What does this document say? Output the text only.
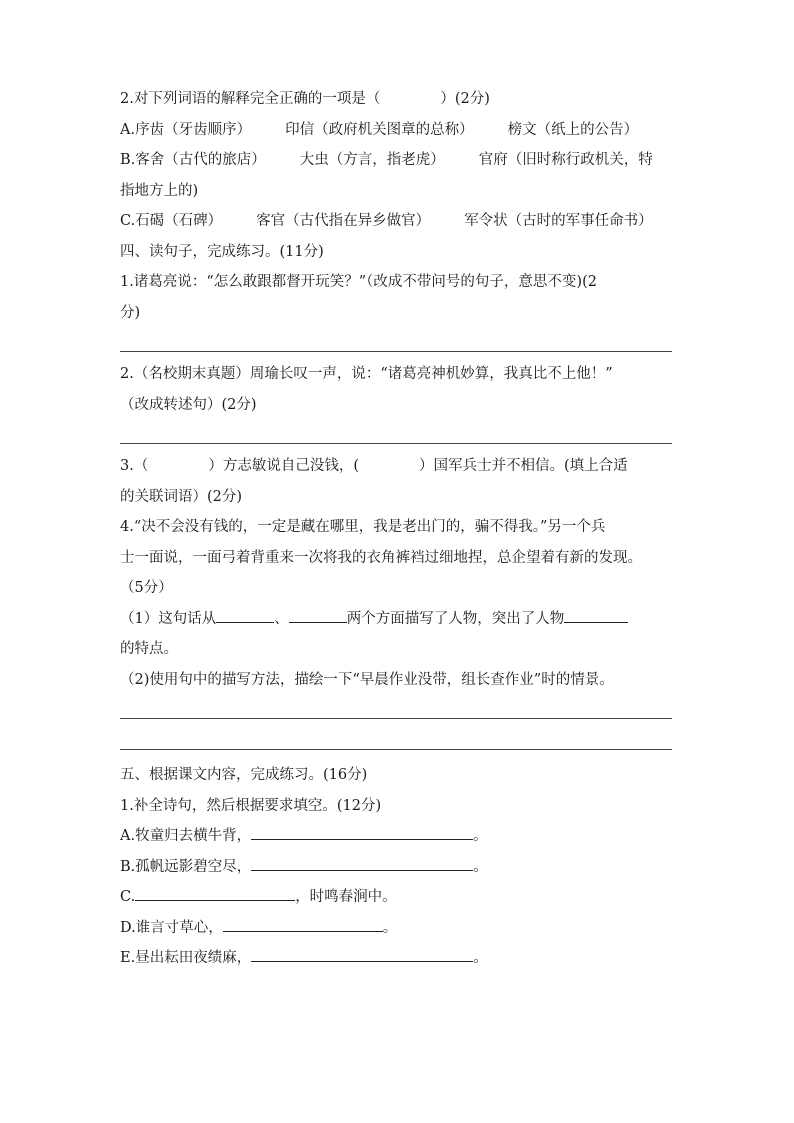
2.对下列词语的解释完全正确的一项是（	）(2分)
A.序齿（牙齿顺序） 印信（政府机关图章的总称） 榜文（纸上的公告）
B.客舍（古代的旅店） 大虫（方言，指老虎） 官府（旧时称行政机关，特
指地方上的)
C.石碣（石碑） 客官（古代指在异乡做官） 军令状（古时的军事任命书）
四、读句子，完成练习。(11分)
1.诸葛亮说：“怎么敢跟都督开玩笑？”（改成不带问号的句子，意思不变)(2
分)
2.（名校期末真题）周瑜长叹一声，说：“诸葛亮神机妙算，我真比不上他！”
（改成转述句）(2分)
3.（	）方志敏说自己没钱，(	）国军兵士并不相信。(填上合适
的关联词语）(2分)
4.“决不会没有钱的，一定是藏在哪里，我是老出门的，骗不得我。”另一个兵
士一面说，一面弓着背重来一次将我的衣角裤裆过细地捏，总企望着有新的发现。
（5分）
（1）这句话从	、	两个方面描写了人物，突出了人物
的特点。
（2)使用句中的描写方法，描绘一下“早晨作业没带，组长查作业”时的情景。
五、根据课文内容，完成练习。(16分)
1.补全诗句，然后根据要求填空。(12分)
A.牧童归去横牛背，	。
B.孤帆远影碧空尽，	。
C.	，时鸣春涧中。
D.谁言寸草心，	。
E.昼出耘田夜绩麻，	。
